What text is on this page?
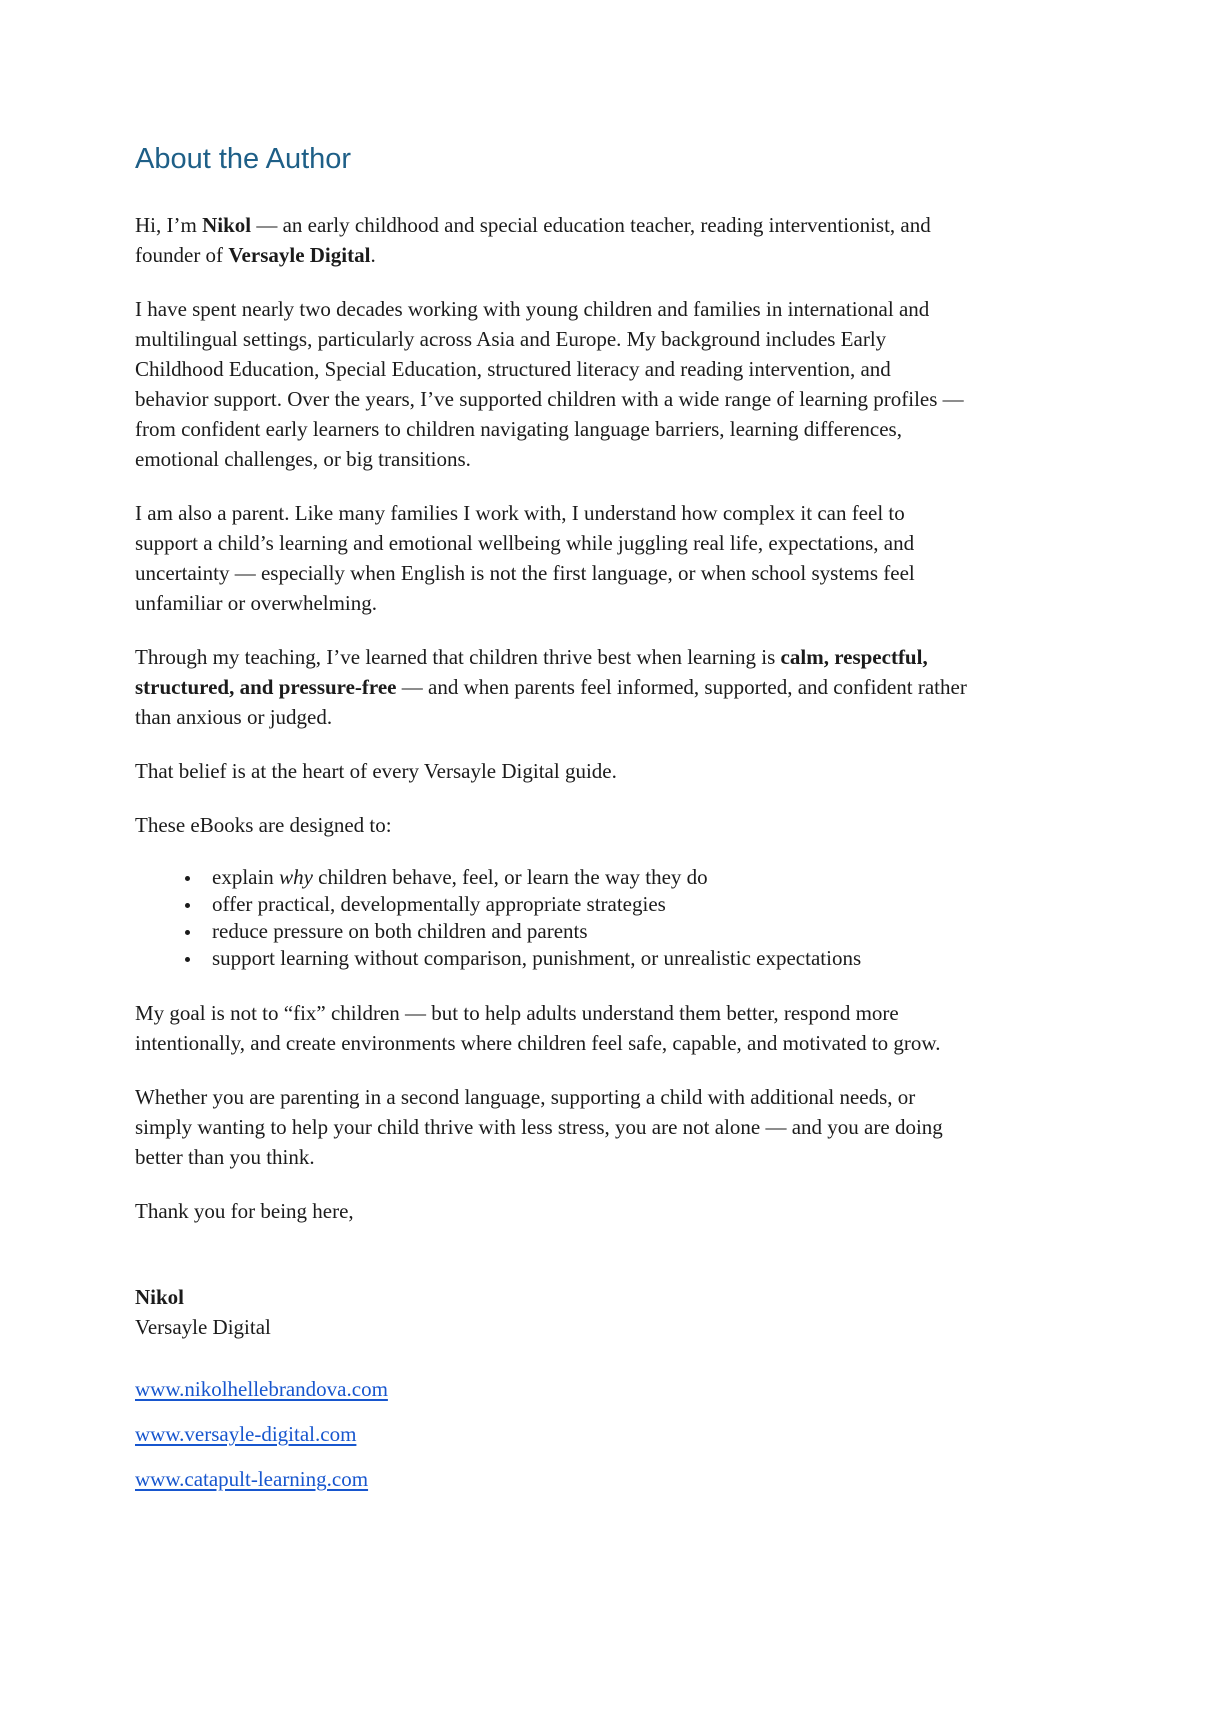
About the Author

Hi, I’m Nikol — an early childhood and special education teacher, reading interventionist, and founder of Versayle Digital.

I have spent nearly two decades working with young children and families in international and multilingual settings, particularly across Asia and Europe. My background includes Early Childhood Education, Special Education, structured literacy and reading intervention, and behavior support. Over the years, I’ve supported children with a wide range of learning profiles — from confident early learners to children navigating language barriers, learning differences, emotional challenges, or big transitions.

I am also a parent. Like many families I work with, I understand how complex it can feel to support a child’s learning and emotional wellbeing while juggling real life, expectations, and uncertainty — especially when English is not the first language, or when school systems feel unfamiliar or overwhelming.

Through my teaching, I’ve learned that children thrive best when learning is calm, respectful, structured, and pressure-free — and when parents feel informed, supported, and confident rather than anxious or judged.

That belief is at the heart of every Versayle Digital guide.

These eBooks are designed to:

• explain why children behave, feel, or learn the way they do
• offer practical, developmentally appropriate strategies
• reduce pressure on both children and parents
• support learning without comparison, punishment, or unrealistic expectations

My goal is not to “fix” children — but to help adults understand them better, respond more intentionally, and create environments where children feel safe, capable, and motivated to grow.

Whether you are parenting in a second language, supporting a child with additional needs, or simply wanting to help your child thrive with less stress, you are not alone — and you are doing better than you think.

Thank you for being here,

Nikol

Versayle Digital

www.nikolhellebrandova.com

www.versayle-digital.com

www.catapult-learning.com
